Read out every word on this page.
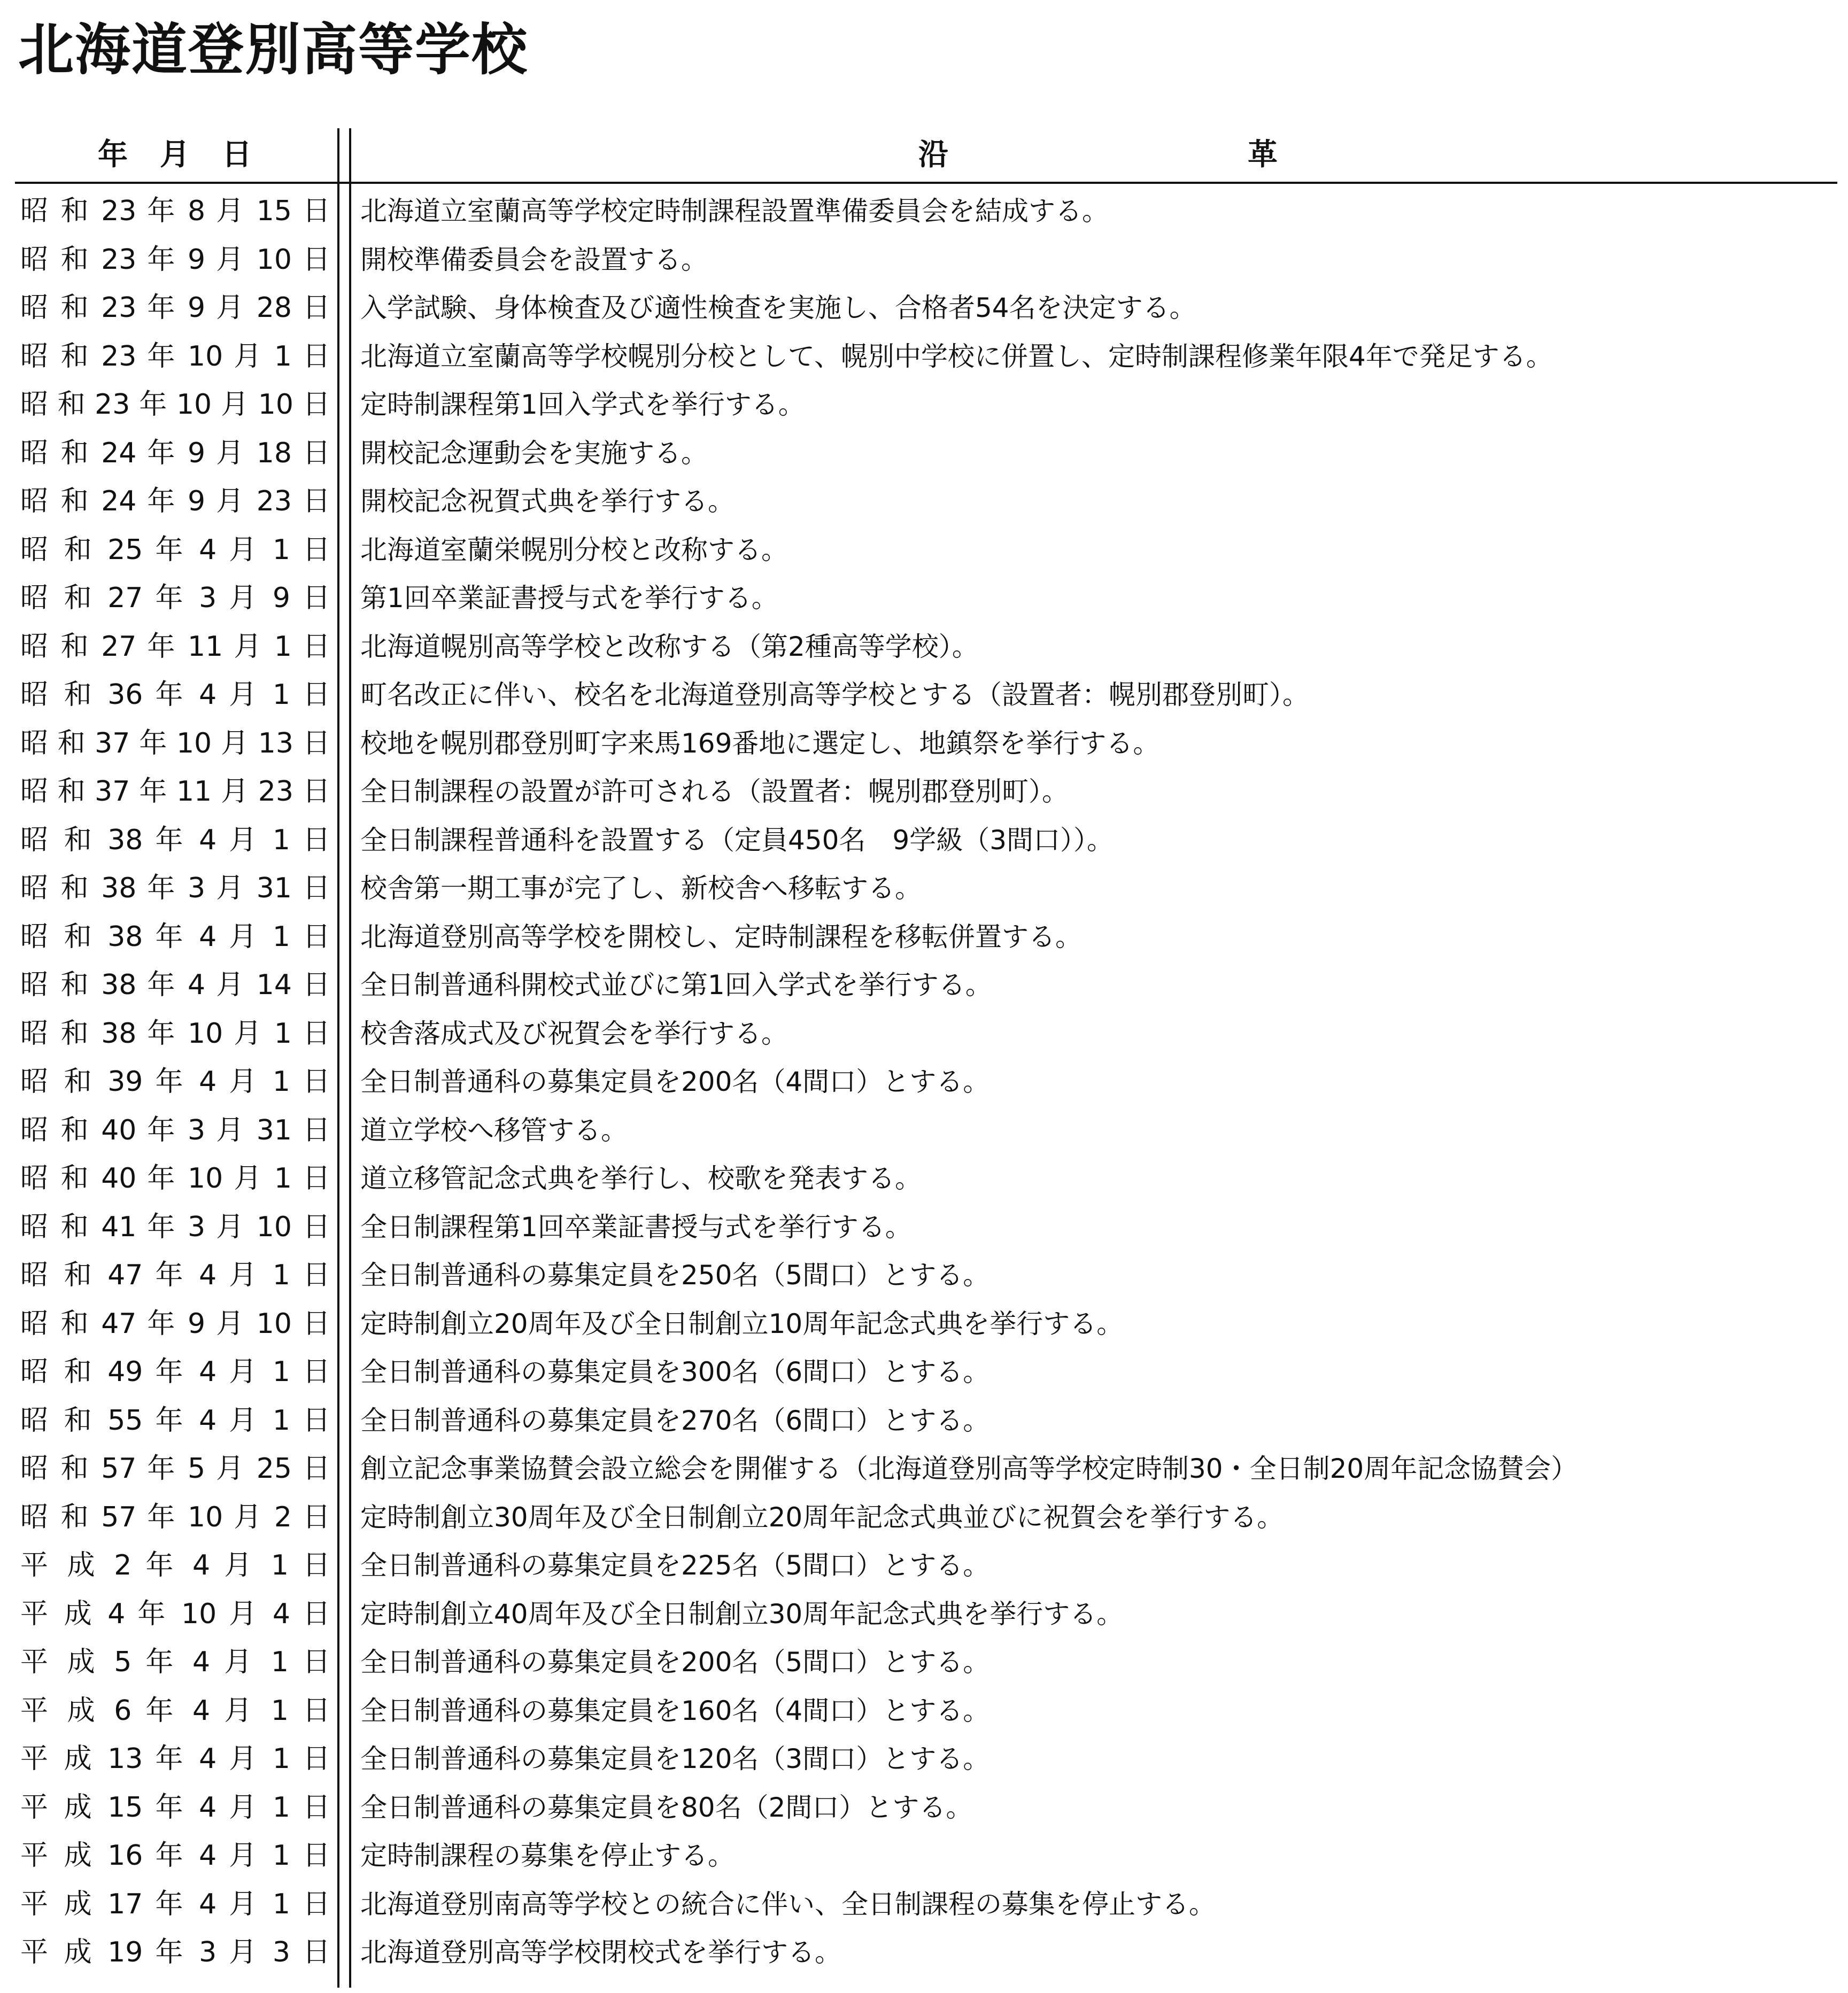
北海道登別高等学校
年　月　日	沿　　　　　　　　　　革
昭 和 23 年 8 月 15 日 北海道立室蘭高等学校定時制課程設置準備委員会を結成する。
昭 和 23 年 9 月 10 日 開校準備委員会を設置する。
昭 和 23 年 9 月 28 日 入学試験、身体検査及び適性検査を実施し、合格者54名を決定する。
昭 和 23 年 10 月 1 日 北海道立室蘭高等学校幌別分校として、幌別中学校に併置し、定時制課程修業年限4年で発足する。
昭 和 23 年 10 月 10 日 定時制課程第1回入学式を挙行する。
昭 和 24 年 9 月 18 日 開校記念運動会を実施する。
昭 和 24 年 9 月 23 日 開校記念祝賀式典を挙行する。
昭 和 25 年 4 月 1 日 北海道室蘭栄幌別分校と改称する。
昭 和 27 年 3 月 9 日 第1回卒業証書授与式を挙行する。
昭 和 27 年 11 月 1 日 北海道幌別高等学校と改称する（第2種高等学校）。
昭 和 36 年 4 月 1 日 町名改正に伴い、校名を北海道登別高等学校とする（設置者：幌別郡登別町）。
昭 和 37 年 10 月 13 日 校地を幌別郡登別町字来馬169番地に選定し、地鎮祭を挙行する。
昭 和 37 年 11 月 23 日 全日制課程の設置が許可される（設置者：幌別郡登別町）。
昭 和 38 年 4 月 1 日 全日制課程普通科を設置する（定員450名　9学級（3間口））。
昭 和 38 年 3 月 31 日 校舎第一期工事が完了し、新校舎へ移転する。
昭 和 38 年 4 月 1 日 北海道登別高等学校を開校し、定時制課程を移転併置する。
昭 和 38 年 4 月 14 日 全日制普通科開校式並びに第1回入学式を挙行する。
昭 和 38 年 10 月 1 日 校舎落成式及び祝賀会を挙行する。
昭 和 39 年 4 月 1 日 全日制普通科の募集定員を200名（4間口）とする。
昭 和 40 年 3 月 31 日 道立学校へ移管する。
昭 和 40 年 10 月 1 日 道立移管記念式典を挙行し、校歌を発表する。
昭 和 41 年 3 月 10 日 全日制課程第1回卒業証書授与式を挙行する。
昭 和 47 年 4 月 1 日 全日制普通科の募集定員を250名（5間口）とする。
昭 和 47 年 9 月 10 日 定時制創立20周年及び全日制創立10周年記念式典を挙行する。
昭 和 49 年 4 月 1 日 全日制普通科の募集定員を300名（6間口）とする。
昭 和 55 年 4 月 1 日 全日制普通科の募集定員を270名（6間口）とする。
昭 和 57 年 5 月 25 日 創立記念事業協賛会設立総会を開催する（北海道登別高等学校定時制30・全日制20周年記念協賛会）
昭 和 57 年 10 月 2 日 定時制創立30周年及び全日制創立20周年記念式典並びに祝賀会を挙行する。
平 成 2 年 4 月 1 日 全日制普通科の募集定員を225名（5間口）とする。
平 成 4 年 10 月 4 日 定時制創立40周年及び全日制創立30周年記念式典を挙行する。
平 成 5 年 4 月 1 日 全日制普通科の募集定員を200名（5間口）とする。
平 成 6 年 4 月 1 日 全日制普通科の募集定員を160名（4間口）とする。
平 成 13 年 4 月 1 日 全日制普通科の募集定員を120名（3間口）とする。
平 成 15 年 4 月 1 日 全日制普通科の募集定員を80名（2間口）とする。
平 成 16 年 4 月 1 日 定時制課程の募集を停止する。
平 成 17 年 4 月 1 日 北海道登別南高等学校との統合に伴い、全日制課程の募集を停止する。
平 成 19 年 3 月 3 日 北海道登別高等学校閉校式を挙行する。
